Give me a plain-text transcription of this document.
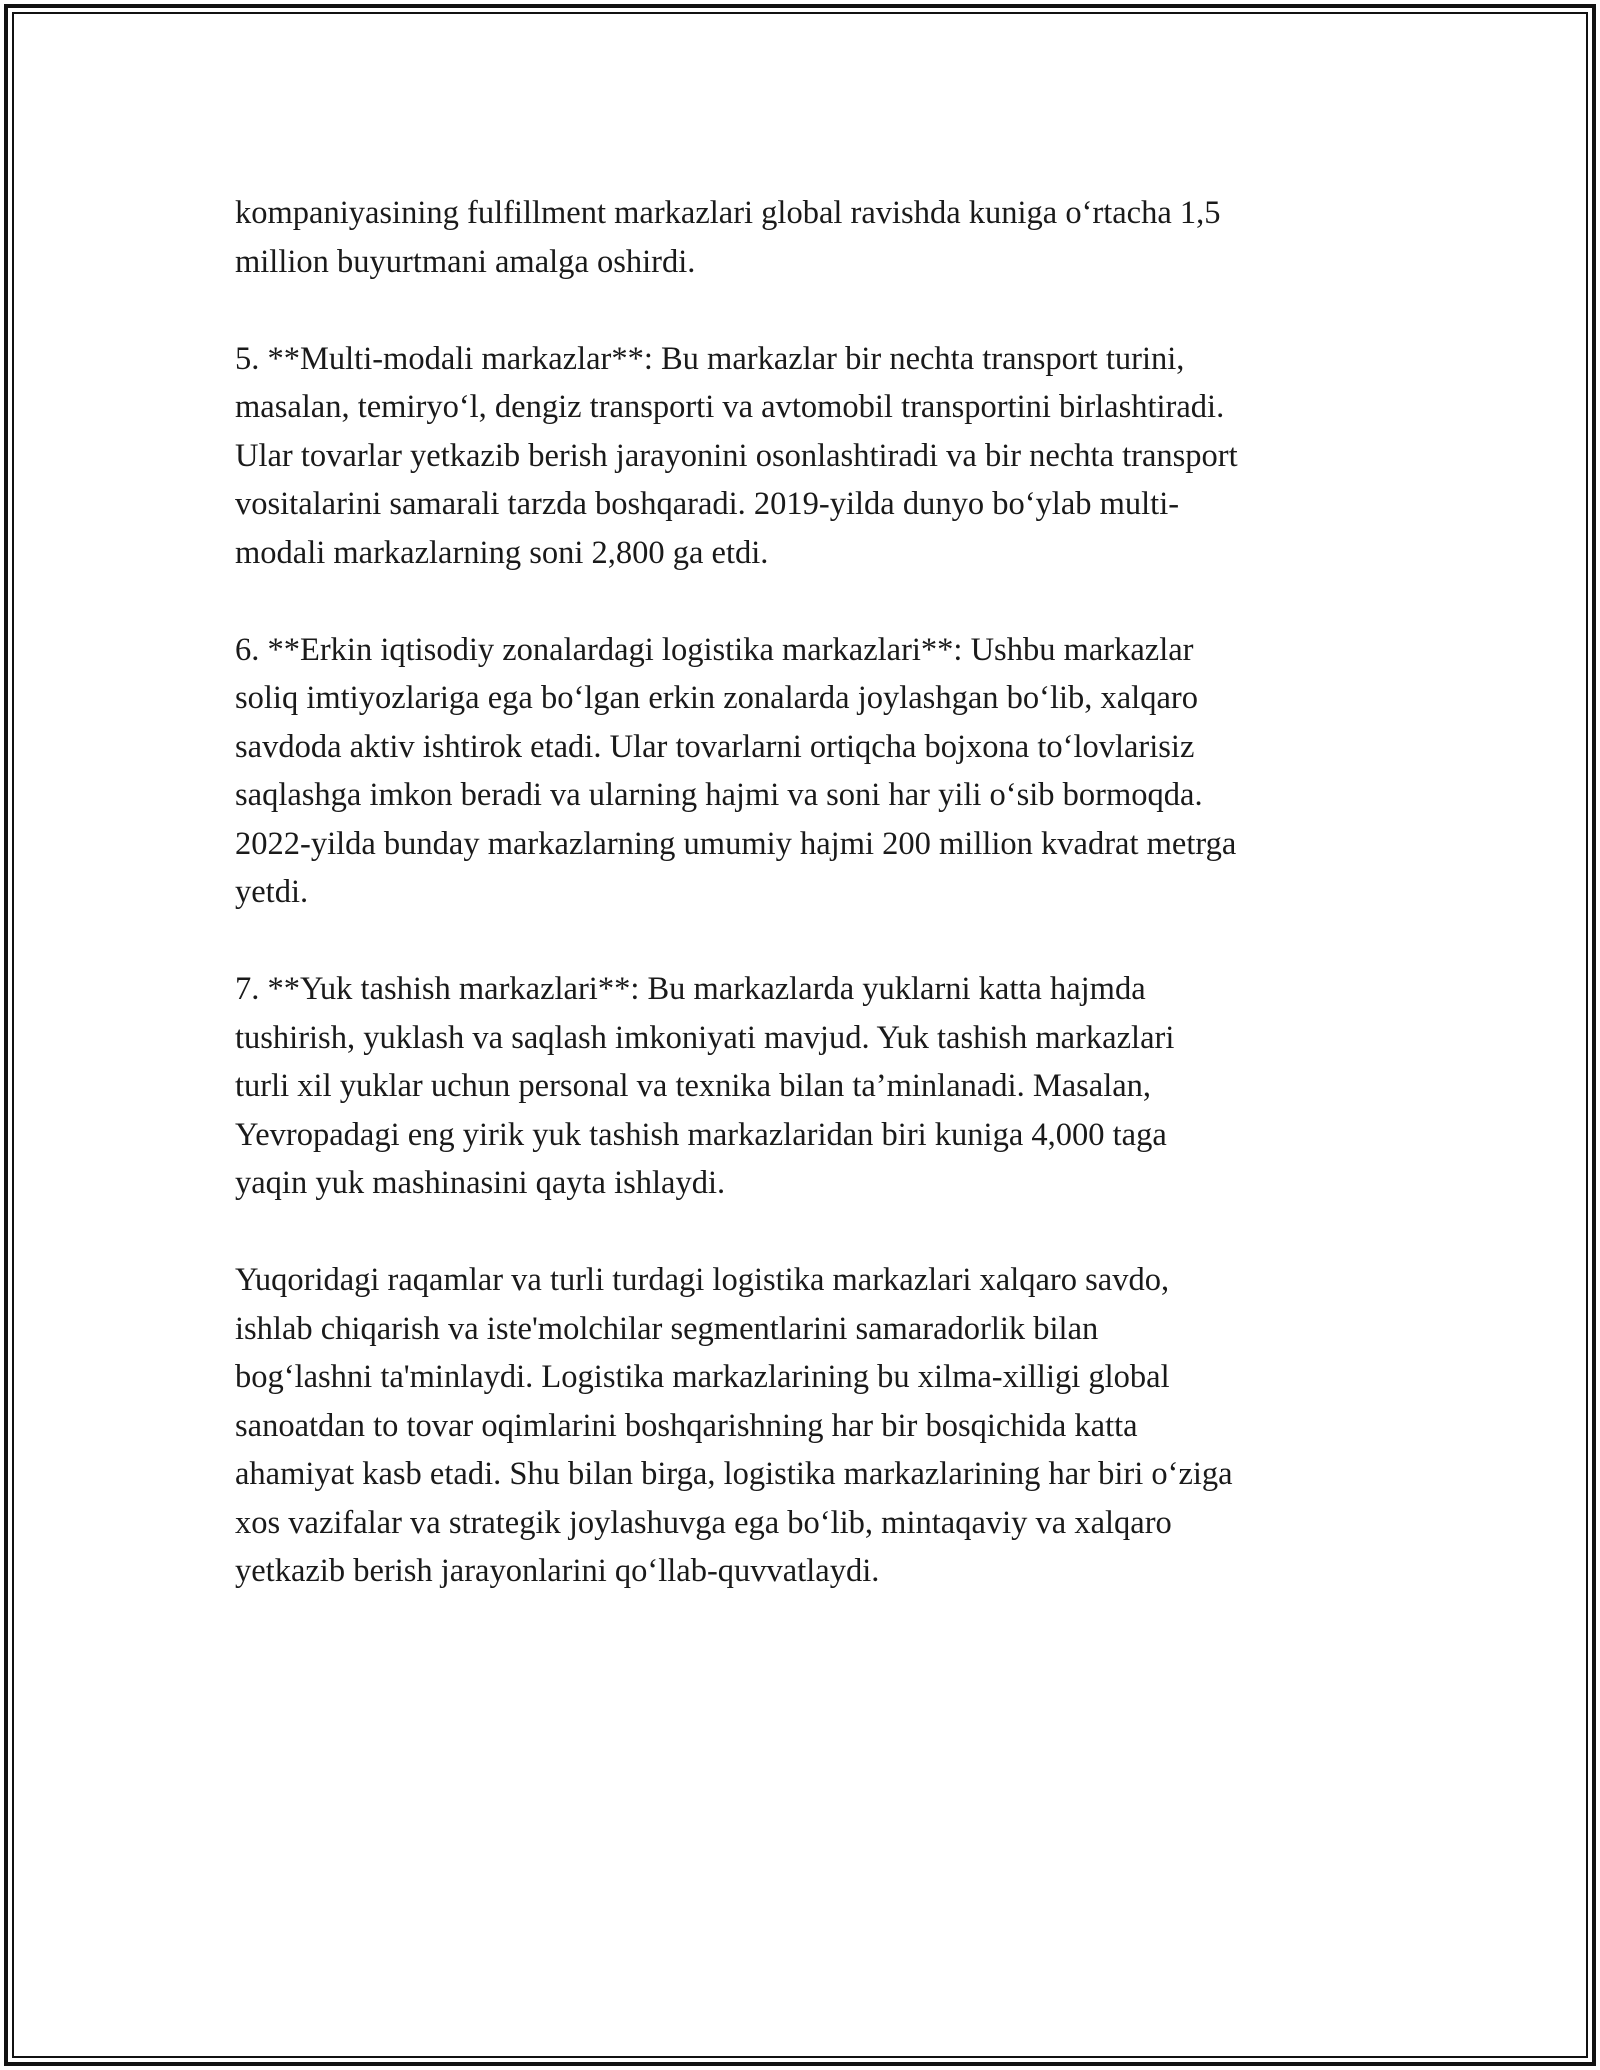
kompaniyasining fulfillment markazlari global ravishda kuniga o‘rtacha 1,5
million buyurtmani amalga oshirdi.

5. **Multi-modali markazlar**: Bu markazlar bir nechta transport turini,
masalan, temiryo‘l, dengiz transporti va avtomobil transportini birlashtiradi.
Ular tovarlar yetkazib berish jarayonini osonlashtiradi va bir nechta transport
vositalarini samarali tarzda boshqaradi. 2019-yilda dunyo bo‘ylab multi-
modali markazlarning soni 2,800 ga etdi.

6. **Erkin iqtisodiy zonalardagi logistika markazlari**: Ushbu markazlar
soliq imtiyozlariga ega bo‘lgan erkin zonalarda joylashgan bo‘lib, xalqaro
savdoda aktiv ishtirok etadi. Ular tovarlarni ortiqcha bojxona to‘lovlarisiz
saqlashga imkon beradi va ularning hajmi va soni har yili o‘sib bormoqda.
2022-yilda bunday markazlarning umumiy hajmi 200 million kvadrat metrga
yetdi.

7. **Yuk tashish markazlari**: Bu markazlarda yuklarni katta hajmda
tushirish, yuklash va saqlash imkoniyati mavjud. Yuk tashish markazlari
turli xil yuklar uchun personal va texnika bilan ta’minlanadi. Masalan,
Yevropadagi eng yirik yuk tashish markazlaridan biri kuniga 4,000 taga
yaqin yuk mashinasini qayta ishlaydi.

Yuqoridagi raqamlar va turli turdagi logistika markazlari xalqaro savdo,
ishlab chiqarish va iste'molchilar segmentlarini samaradorlik bilan
bog‘lashni ta'minlaydi. Logistika markazlarining bu xilma-xilligi global
sanoatdan to tovar oqimlarini boshqarishning har bir bosqichida katta
ahamiyat kasb etadi. Shu bilan birga, logistika markazlarining har biri o‘ziga
xos vazifalar va strategik joylashuvga ega bo‘lib, mintaqaviy va xalqaro
yetkazib berish jarayonlarini qo‘llab-quvvatlaydi.
